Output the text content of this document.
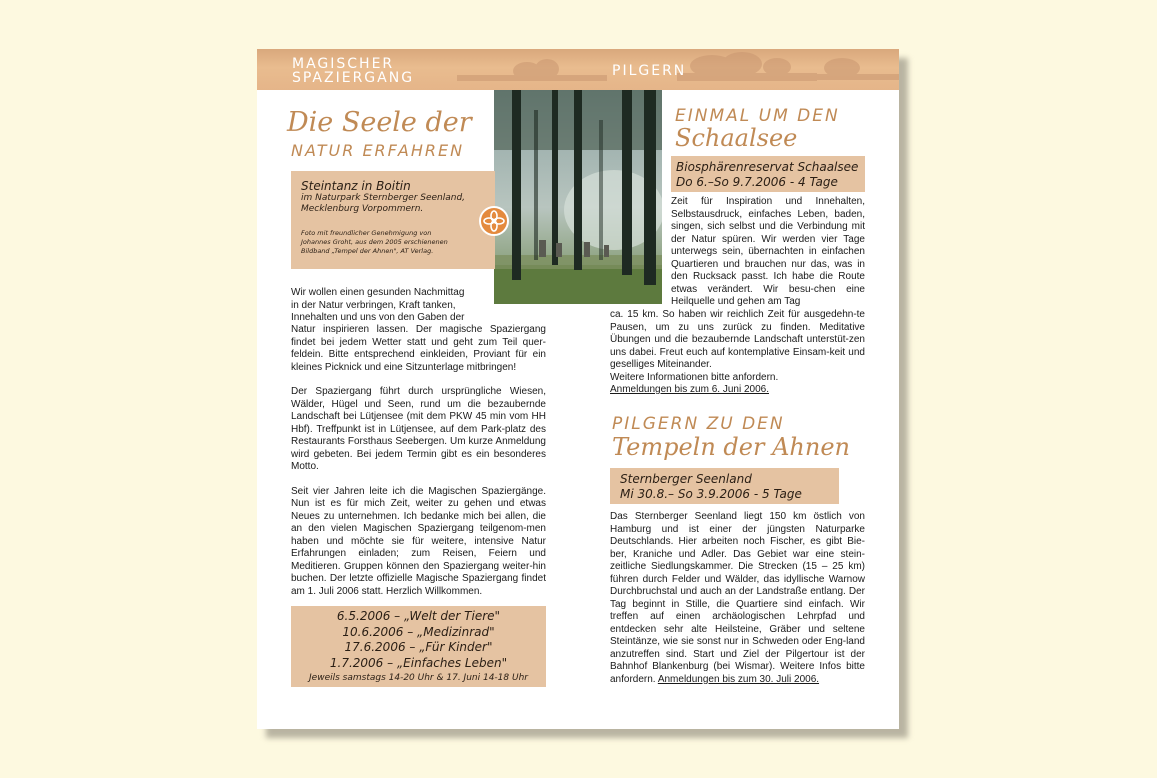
MAGISCHER
SPAZIERGANG	PILGERN
Die Seele der
NATUR ERFAHREN
Steintanz in Boitin
im Naturpark Sternberger Seenland,
Mecklenburg Vorpommern.
Foto mit freundlicher Genehmigung von
Johannes Groht, aus dem 2005 erschienenen
Bildband „Tempel der Ahnen", AT Verlag.
Wir wollen einen gesunden Nachmittag
in der Natur verbringen, Kraft tanken,
Innehalten und uns von den Gaben der

Natur inspirieren lassen. Der magische Spaziergang findet bei jedem Wetter statt und geht zum Teil quer-feldein. Bitte entsprechend einkleiden, Proviant für ein kleines Picknick und eine Sitzunterlage mitbringen!

Der Spaziergang führt durch ursprüngliche Wiesen, Wälder, Hügel und Seen, rund um die bezaubernde Landschaft bei Lütjensee (mit dem PKW 45 min vom HH Hbf). Treffpunkt ist in Lütjensee, auf dem Park-platz des Restaurants Forsthaus Seebergen. Um kurze Anmeldung wird gebeten. Bei jedem Termin gibt es ein besonderes Motto.

Seit vier Jahren leite ich die Magischen Spaziergänge. Nun ist es für mich Zeit, weiter zu gehen und etwas Neues zu unternehmen. Ich bedanke mich bei allen, die an den vielen Magischen Spaziergang teilgenom-men haben und möchte sie für weitere, intensive Natur Erfahrungen einladen; zum Reisen, Feiern und Meditieren. Gruppen können den Spaziergang weiter-hin buchen. Der letzte offizielle Magische Spaziergang findet am 1. Juli 2006 statt. Herzlich Willkommen.

6.5.2006 – „Welt der Tiere"
10.6.2006 – „Medizinrad"
17.6.2006 – „Für Kinder"
1.7.2006 – „Einfaches Leben"
Jeweils samstags 14-20 Uhr & 17. Juni 14-18 Uhr
EINMAL UM DEN
Schaalsee
Biosphärenreservat Schaalsee
Do 6.–So 9.7.2006 - 4 Tage
Zeit für Inspiration und Innehalten, Selbstausdruck, einfaches Leben, baden, singen, sich selbst und die Verbindung mit der Natur spüren. Wir werden vier Tage unterwegs sein, übernachten in einfachen Quartieren und brauchen nur das, was in den Rucksack passt. Ich habe die Route etwas verändert. Wir besu-chen eine Heilquelle und gehen am Tag
ca. 15 km. So haben wir reichlich Zeit für ausgedehn-te Pausen, um zu uns zurück zu finden. Meditative Übungen und die bezaubernde Landschaft unterstüt-zen uns dabei. Freut euch auf kontemplative Einsam-keit und geselliges Miteinander.
Weitere Informationen bitte anfordern.
Anmeldungen bis zum 6. Juni 2006.
PILGERN ZU DEN
Tempeln der Ahnen
Sternberger Seenland
Mi 30.8.– So 3.9.2006 - 5 Tage
Das Sternberger Seenland liegt 150 km östlich von Hamburg und ist einer der jüngsten Naturparke Deutschlands. Hier arbeiten noch Fischer, es gibt Bie-ber, Kraniche und Adler. Das Gebiet war eine stein-zeitliche Siedlungskammer. Die Strecken (15 – 25 km) führen durch Felder und Wälder, das idyllische Warnow Durchbruchstal und auch an der Landstraße entlang. Der Tag beginnt in Stille, die Quartiere sind einfach. Wir treffen auf einen archäologischen Lehrpfad und entdecken sehr alte Heilsteine, Gräber und seltene Steintänze, wie sie sonst nur in Schweden oder Eng-land anzutreffen sind. Start und Ziel der Pilgertour ist der Bahnhof Blankenburg (bei Wismar). Weitere Infos bitte anfordern. Anmeldungen bis zum 30. Juli 2006.
